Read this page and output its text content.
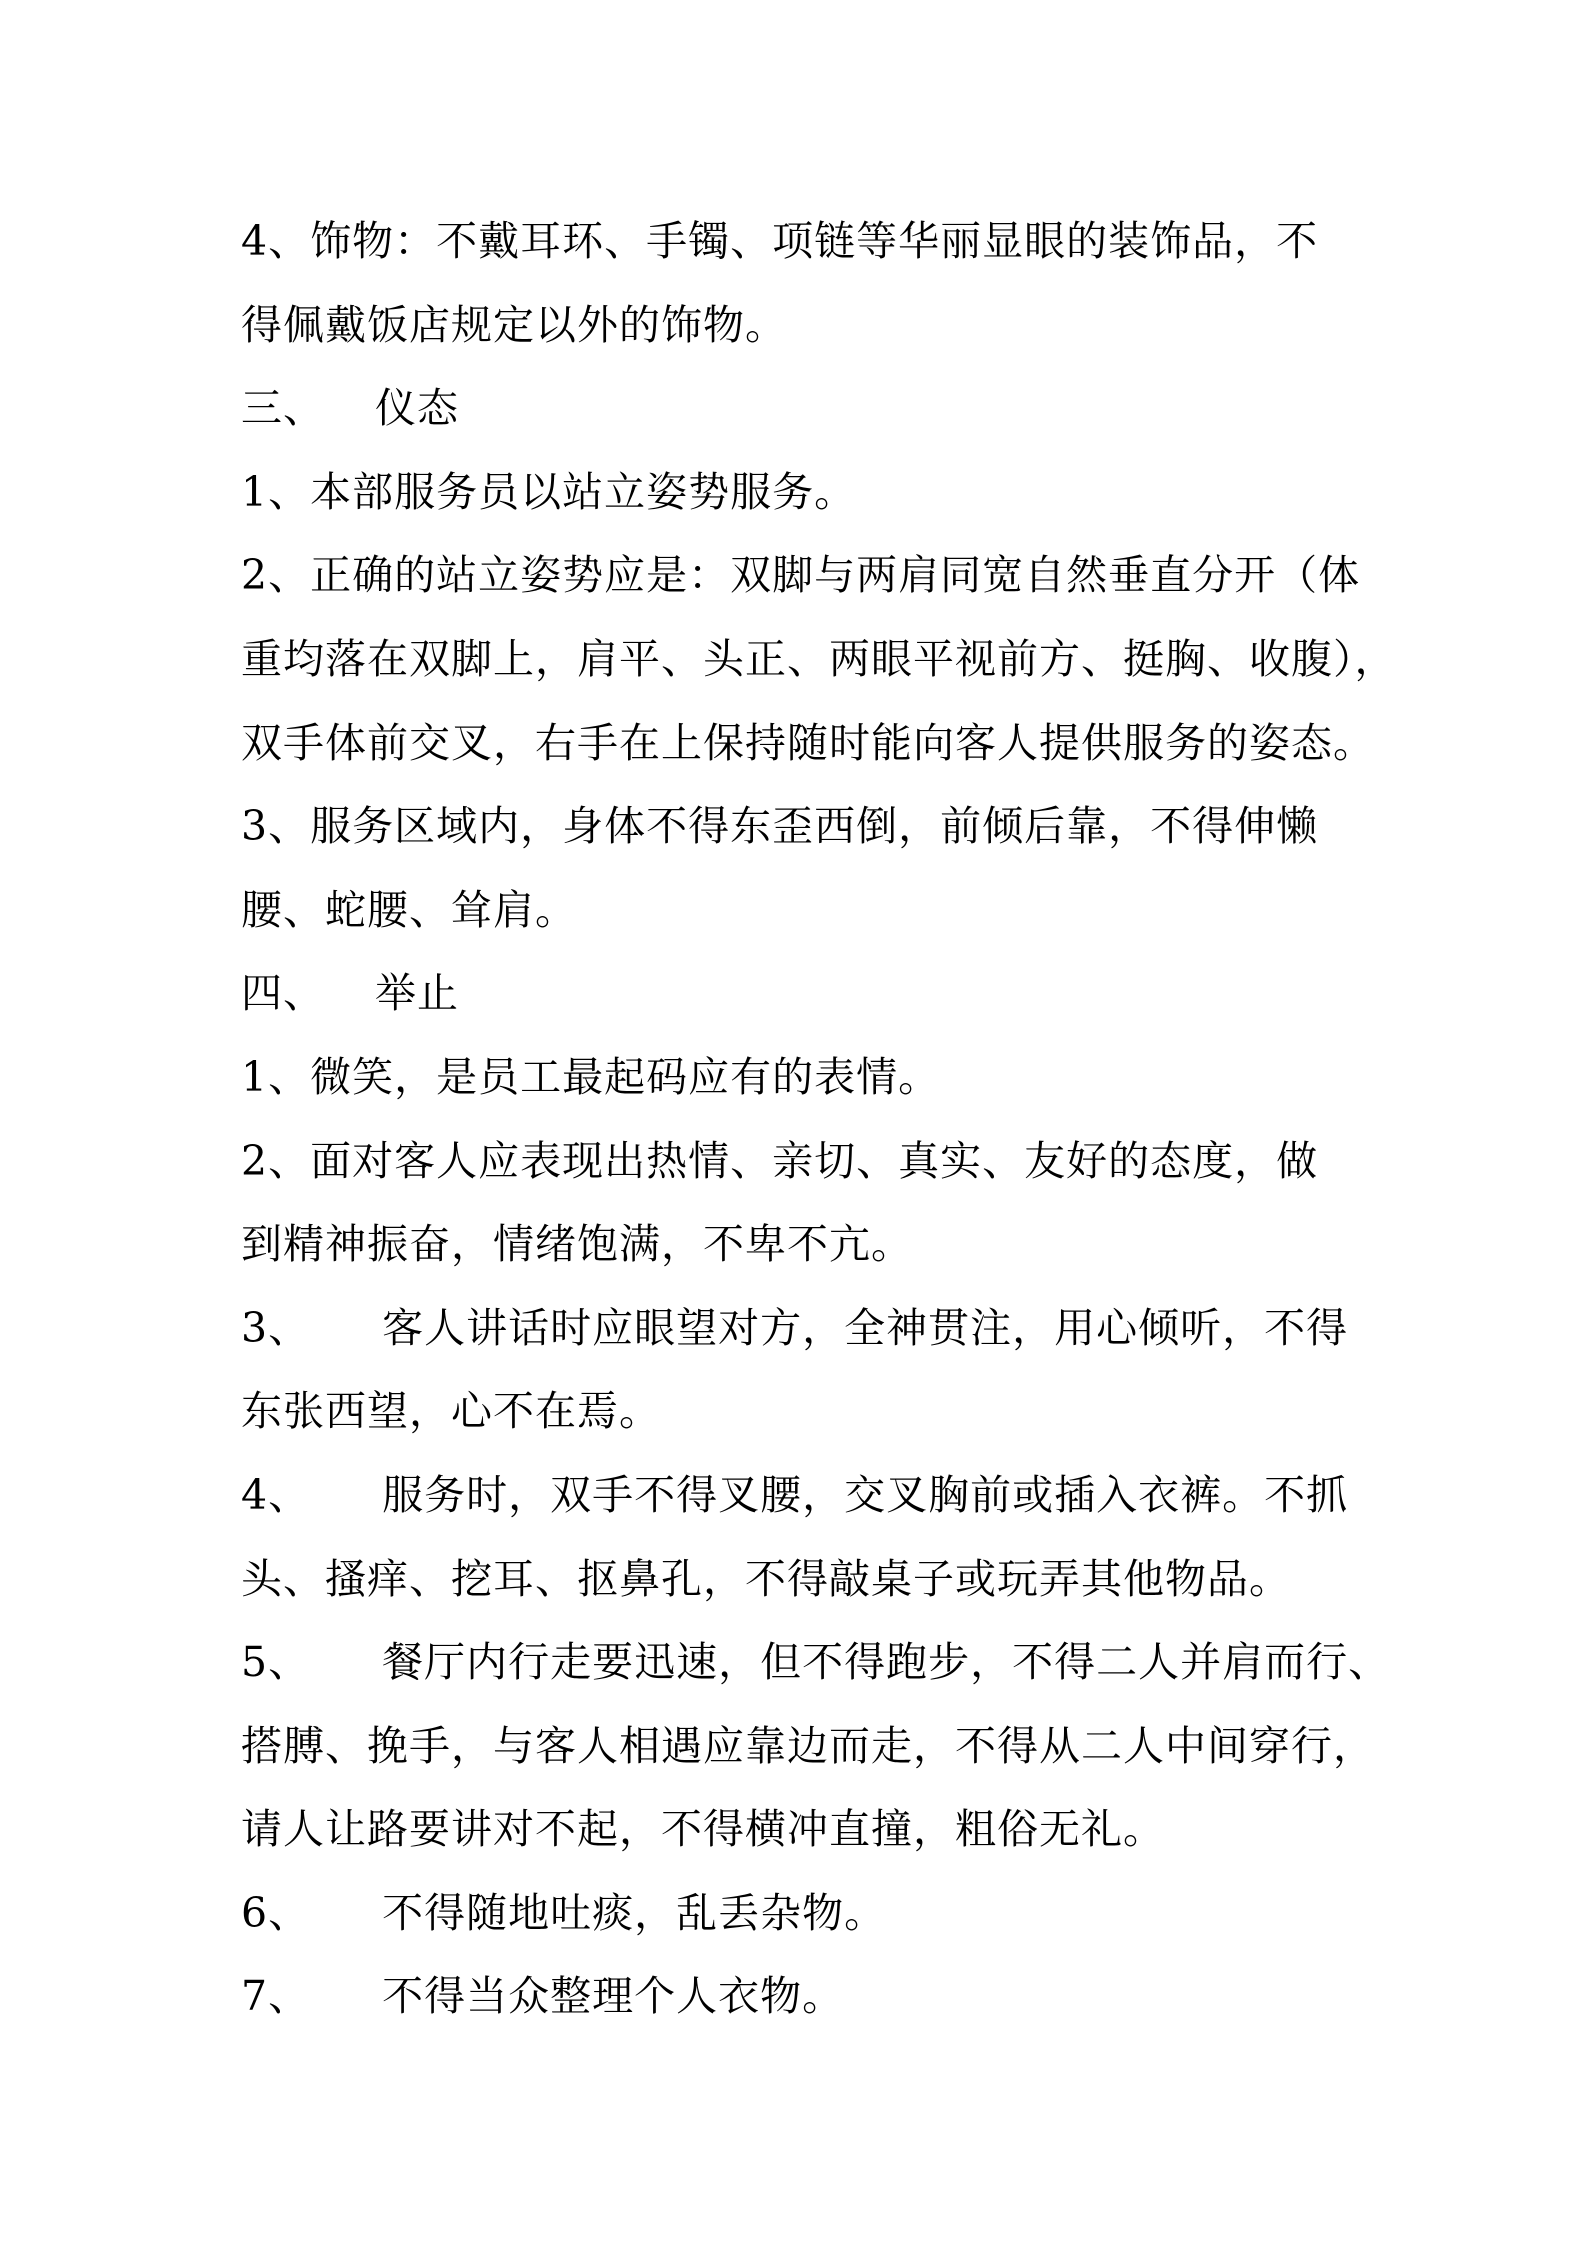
4、饰物：不戴耳环、手镯、项链等华丽显眼的装饰品，不
得佩戴饭店规定以外的饰物。
三、 仪态
1、本部服务员以站立姿势服务。
2、正确的站立姿势应是：双脚与两肩同宽自然垂直分开（体
重均落在双脚上，肩平、头正、两眼平视前方、挺胸、收腹），
双手体前交叉，右手在上保持随时能向客人提供服务的姿态。
3、服务区域内，身体不得东歪西倒，前倾后靠，不得伸懒
腰、蛇腰、耸肩。
四、 举止
1、微笑，是员工最起码应有的表情。
2、面对客人应表现出热情、亲切、真实、友好的态度，做
到精神振奋，情绪饱满，不卑不亢。
3、 客人讲话时应眼望对方，全神贯注，用心倾听，不得
东张西望，心不在焉。
4、 服务时，双手不得叉腰，交叉胸前或插入衣裤。不抓
头、搔痒、挖耳、抠鼻孔，不得敲桌子或玩弄其他物品。
5、 餐厅内行走要迅速，但不得跑步，不得二人并肩而行、
搭膊、挽手，与客人相遇应靠边而走，不得从二人中间穿行，
请人让路要讲对不起，不得横冲直撞，粗俗无礼。
6、 不得随地吐痰，乱丢杂物。
7、 不得当众整理个人衣物。
